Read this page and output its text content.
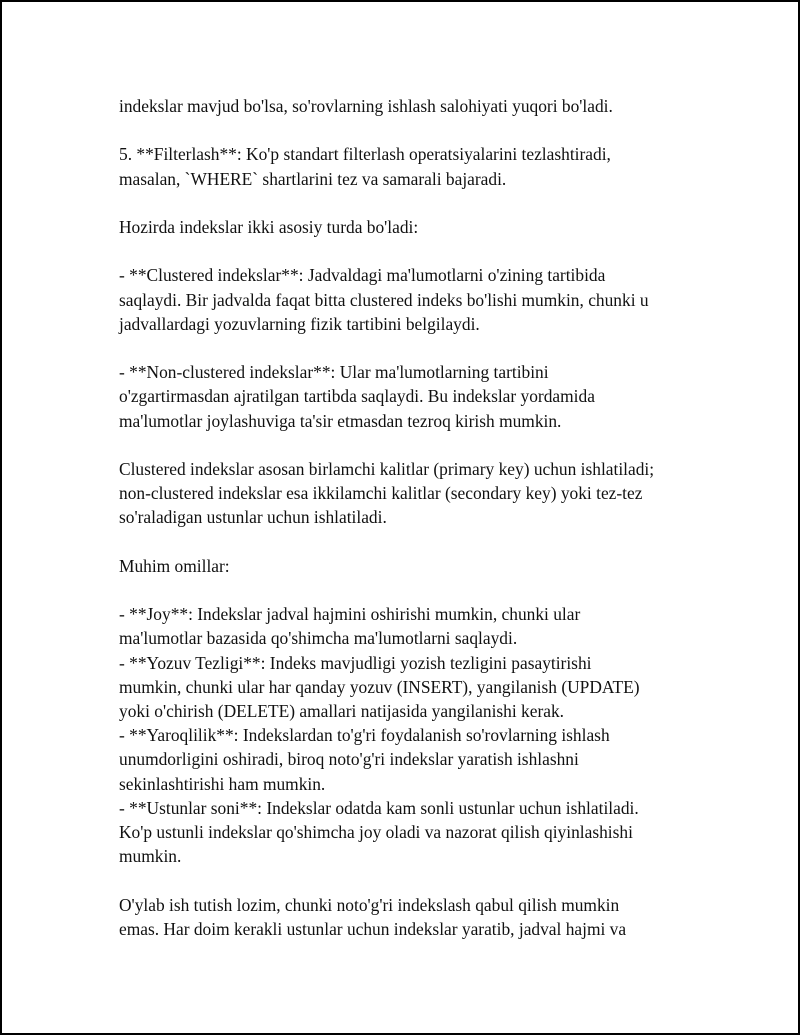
indekslar mavjud bo'lsa, so'rovlarning ishlash salohiyati yuqori bo'ladi.
5. **Filterlash**: Ko'p standart filterlash operatsiyalarini tezlashtiradi,
masalan, `WHERE` shartlarini tez va samarali bajaradi.
Hozirda indekslar ikki asosiy turda bo'ladi:
- **Clustered indekslar**: Jadvaldagi ma'lumotlarni o'zining tartibida
saqlaydi. Bir jadvalda faqat bitta clustered indeks bo'lishi mumkin, chunki u
jadvallardagi yozuvlarning fizik tartibini belgilaydi.
- **Non-clustered indekslar**: Ular ma'lumotlarning tartibini
o'zgartirmasdan ajratilgan tartibda saqlaydi. Bu indekslar yordamida
ma'lumotlar joylashuviga ta'sir etmasdan tezroq kirish mumkin.
Clustered indekslar asosan birlamchi kalitlar (primary key) uchun ishlatiladi;
non-clustered indekslar esa ikkilamchi kalitlar (secondary key) yoki tez-tez
so'raladigan ustunlar uchun ishlatiladi.
Muhim omillar:
- **Joy**: Indekslar jadval hajmini oshirishi mumkin, chunki ular
ma'lumotlar bazasida qo'shimcha ma'lumotlarni saqlaydi.
- **Yozuv Tezligi**: Indeks mavjudligi yozish tezligini pasaytirishi
mumkin, chunki ular har qanday yozuv (INSERT), yangilanish (UPDATE)
yoki o'chirish (DELETE) amallari natijasida yangilanishi kerak.
- **Yaroqlilik**: Indekslardan to'g'ri foydalanish so'rovlarning ishlash
unumdorligini oshiradi, biroq noto'g'ri indekslar yaratish ishlashni
sekinlashtirishi ham mumkin.
- **Ustunlar soni**: Indekslar odatda kam sonli ustunlar uchun ishlatiladi.
Ko'p ustunli indekslar qo'shimcha joy oladi va nazorat qilish qiyinlashishi
mumkin.
O'ylab ish tutish lozim, chunki noto'g'ri indekslash qabul qilish mumkin
emas. Har doim kerakli ustunlar uchun indekslar yaratib, jadval hajmi va
